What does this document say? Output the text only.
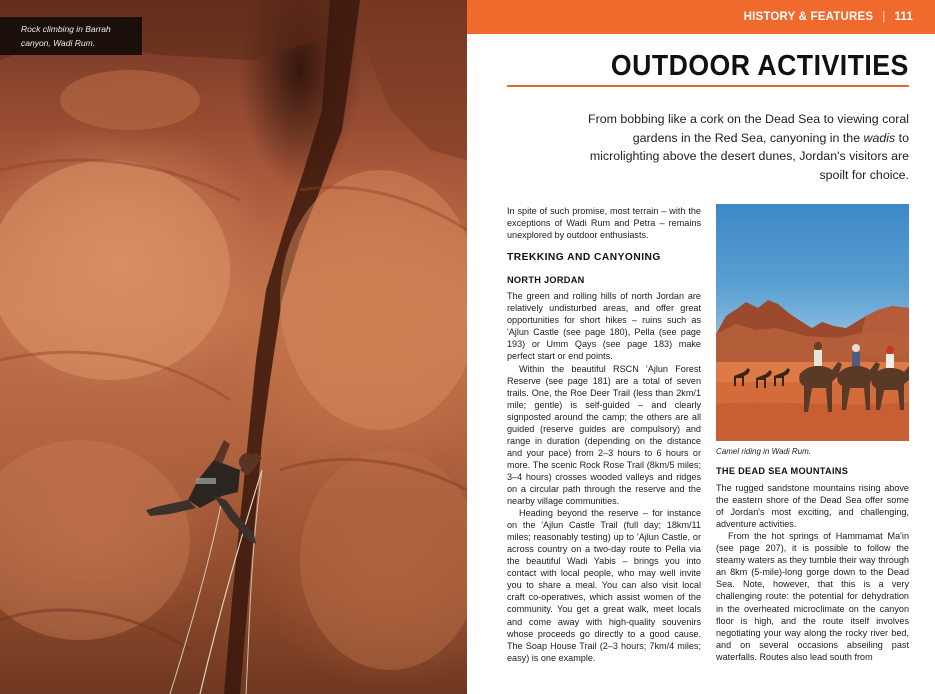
Rock climbing in Barrah canyon, Wadi Rum.
HISTORY & FEATURES | 111
OUTDOOR ACTIVITIES
From bobbing like a cork on the Dead Sea to viewing coral gardens in the Red Sea, canyoning in the wadis to microlighting above the desert dunes, Jordan's visitors are spoilt for choice.

In spite of such promise, most terrain – with the exceptions of Wadi Rum and Petra – remains unexplored by outdoor enthusiasts.

TREKKING AND CANYONING
NORTH JORDAN

The green and rolling hills of north Jordan are relatively undisturbed areas, and offer great opportunities for short hikes – ruins such as 'Ajlun Castle (see page 180), Pella (see page 193) or Umm Qays (see page 183) make perfect start or end points.

Within the beautiful RSCN 'Ajlun Forest Reserve (see page 181) are a total of seven trails. One, the Roe Deer Trail (less than 2km/1 mile; gentle) is self-guided – and clearly signposted around the camp; the others are all guided (reserve guides are compulsory) and range in duration (depending on the distance and your pace) from 2–3 hours to 6 hours or more. The scenic Rock Rose Trail (8km/5 miles; 3–4 hours) crosses wooded valleys and ridges on a circular path through the reserve and the nearby village communities.

Heading beyond the reserve – for instance on the 'Ajlun Castle Trail (full day; 18km/11 miles; reasonably testing) up to 'Ajlun Castle, or across country on a two-day route to Pella via the beautiful Wadi Yabis – brings you into contact with local people, who may well invite you to share a meal. You can also visit local craft co-operatives, which assist women of the community. You get a great walk, meet locals and come away with high-quality souvenirs whose proceeds go directly to a good cause. The Soap House Trail (2–3 hours; 7km/4 miles; easy) is one example.

Camel riding in Wadi Rum.
THE DEAD SEA MOUNTAINS

The rugged sandstone mountains rising above the eastern shore of the Dead Sea offer some of Jordan's most exciting, and challenging, adventure activities.

From the hot springs of Hammamat Ma'in (see page 207), it is possible to follow the steamy waters as they tumble their way through an 8km (5-mile)-long gorge down to the Dead Sea. Note, however, that this is a very challenging route: the potential for dehydration in the overheated microclimate on the canyon floor is high, and the route itself involves negotiating your way along the rocky river bed, and on several occasions abseiling past waterfalls. Routes also lead south from
